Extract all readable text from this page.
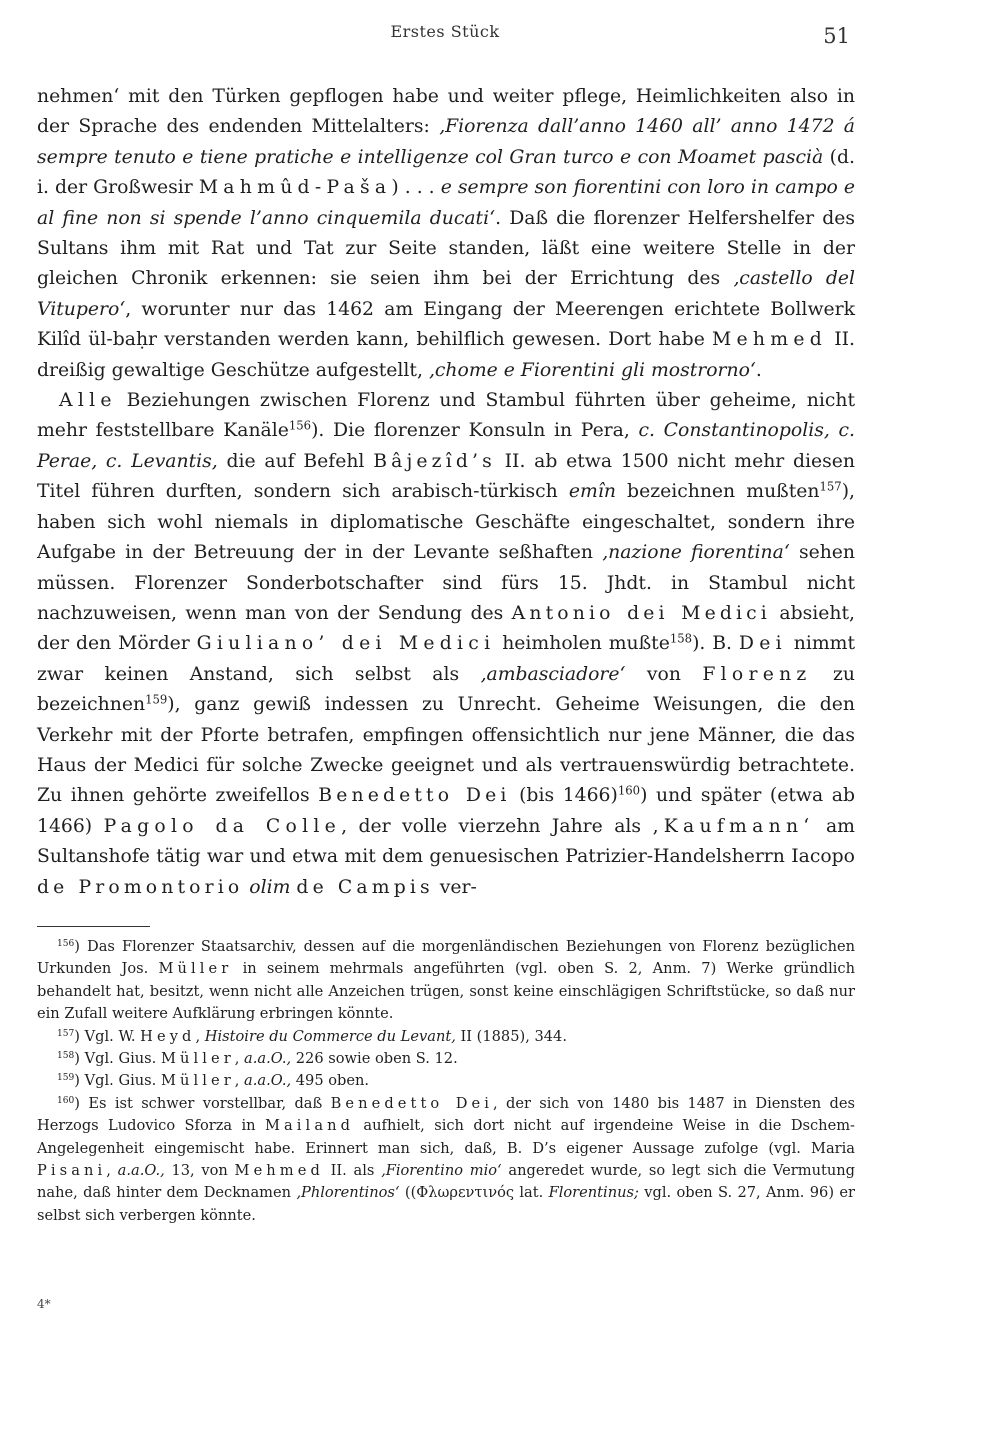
Erstes Stück	51

nehmen‘ mit den Türken gepflogen habe und weiter pflege, Heimlichkeiten also in der Sprache des endenden Mittelalters: ‚Fiorenza dall’anno 1460 all’ anno 1472 á sempre tenuto e tiene pratiche e intelligenze col Gran turco e con Moamet pascià (d. i. der Großwesir Mahmûd-Paša) . . . e sempre son fiorentini con loro in campo e al fine non si spende l’anno cinquemila ducati‘. Daß die florenzer Helfershelfer des Sultans ihm mit Rat und Tat zur Seite standen, läßt eine weitere Stelle in der gleichen Chronik erkennen: sie seien ihm bei der Errichtung des ‚castello del Vitupero‘, worunter nur das 1462 am Eingang der Meerengen erichtete Bollwerk Kilîd ül-baḥr verstanden werden kann, behilflich gewesen. Dort habe Mehmed II. dreißig gewaltige Geschütze aufgestellt, ‚chome e Fiorentini gli mostrorno‘.

Alle Beziehungen zwischen Florenz und Stambul führten über geheime, nicht mehr feststellbare Kanäle$^{156}$). Die florenzer Konsuln in Pera, c. Constantinopolis, c. Perae, c. Levantis, die auf Befehl Bâjezîd’s II. ab etwa 1500 nicht mehr diesen Titel führen durften, sondern sich arabisch-türkisch emîn bezeichnen mußten$^{157}$), haben sich wohl niemals in diplomatische Geschäfte eingeschaltet, sondern ihre Aufgabe in der Betreuung der in der Levante seßhaften ‚nazione fiorentina‘ sehen müssen. Florenzer Sonderbotschafter sind fürs 15. Jhdt. in Stambul nicht nachzuweisen, wenn man von der Sendung des Antonio dei Medici absieht, der den Mörder Giuliano’ dei Medici heimholen mußte$^{158}$). B. Dei nimmt zwar keinen Anstand, sich selbst als ‚ambasciadore‘ von Florenz zu bezeichnen$^{159}$), ganz gewiß indessen zu Unrecht. Geheime Weisungen, die den Verkehr mit der Pforte betrafen, empfingen offensichtlich nur jene Männer, die das Haus der Medici für solche Zwecke geeignet und als vertrauenswürdig betrachtete. Zu ihnen gehörte zweifellos Benedetto Dei (bis 1466)$^{160}$) und später (etwa ab 1466) Pagolo da Colle, der volle vierzehn Jahre als ‚Kaufmann‘ am Sultanshofe tätig war und etwa mit dem genuesischen Patrizier-Handelsherrn Iacopo de Promontorio olim de Campis ver-

$^{156}$) Das Florenzer Staatsarchiv, dessen auf die morgenländischen Beziehungen von Florenz bezüglichen Urkunden Jos. Müller in seinem mehrmals angeführten (vgl. oben S. 2, Anm. 7) Werke gründlich behandelt hat, besitzt, wenn nicht alle Anzeichen trügen, sonst keine einschlägigen Schriftstücke, so daß nur ein Zufall weitere Aufklärung erbringen könnte.

$^{157}$) Vgl. W. Heyd, Histoire du Commerce du Levant, II (1885), 344.

$^{158}$) Vgl. Gius. Müller, a.a.O., 226 sowie oben S. 12.

$^{159}$) Vgl. Gius. Müller, a.a.O., 495 oben.

$^{160}$) Es ist schwer vorstellbar, daß Benedetto Dei, der sich von 1480 bis 1487 in Diensten des Herzogs Ludovico Sforza in Mailand aufhielt, sich dort nicht auf irgendeine Weise in die Dschem-Angelegenheit eingemischt habe. Erinnert man sich, daß, B. D’s eigener Aussage zufolge (vgl. Maria Pisani, a.a.O., 13, von Mehmed II. als ‚Fiorentino mio‘ angeredet wurde, so legt sich die Vermutung nahe, daß hinter dem Decknamen ‚Phlorentinos‘ ((Φλωρεντινός lat. Florentinus; vgl. oben S. 27, Anm. 96) er selbst sich verbergen könnte.

4*
